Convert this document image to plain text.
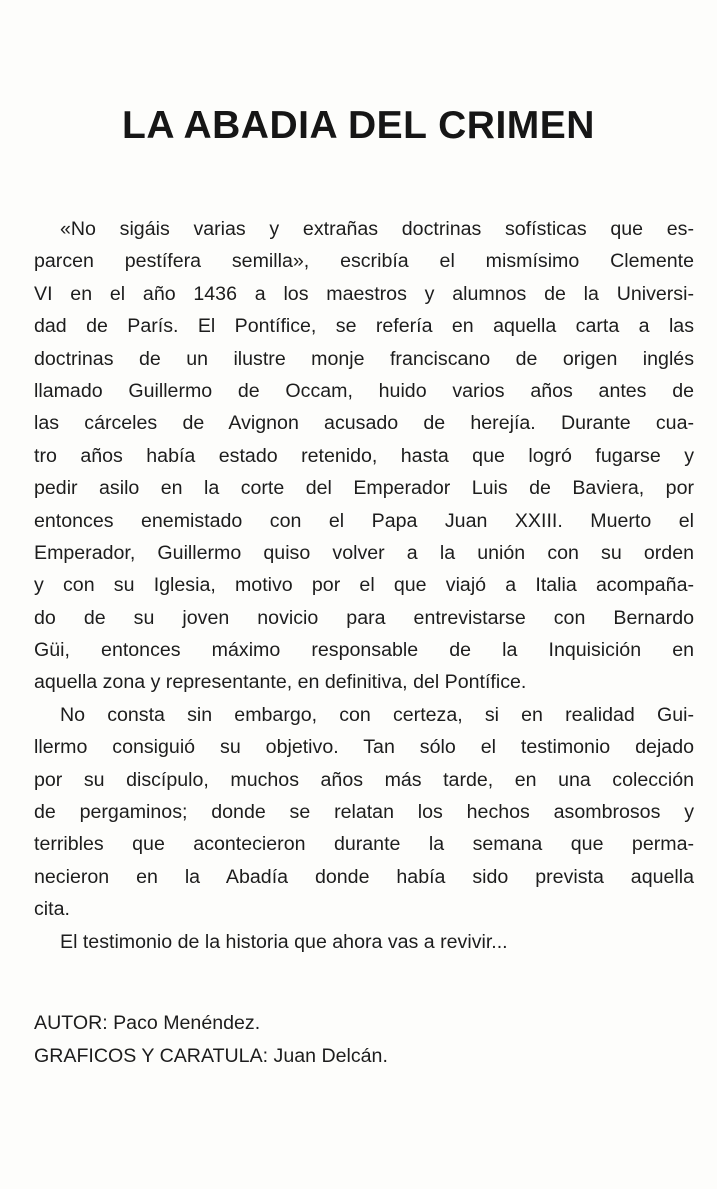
LA ABADIA DEL CRIMEN
«No sigáis varias y extrañas doctrinas sofísticas que es-
parcen pestífera semilla», escribía el mismísimo Clemente
VI en el año 1436 a los maestros y alumnos de la Universi-
dad de París. El Pontífice, se refería en aquella carta a las
doctrinas de un ilustre monje franciscano de origen inglés
llamado Guillermo de Occam, huido varios años antes de
las cárceles de Avignon acusado de herejía. Durante cua-
tro años había estado retenido, hasta que logró fugarse y
pedir asilo en la corte del Emperador Luis de Baviera, por
entonces enemistado con el Papa Juan XXIII. Muerto el
Emperador, Guillermo quiso volver a la unión con su orden
y con su Iglesia, motivo por el que viajó a Italia acompaña-
do de su joven novicio para entrevistarse con Bernardo
Güi, entonces máximo responsable de la Inquisición en
aquella zona y representante, en definitiva, del Pontífice.
No consta sin embargo, con certeza, si en realidad Gui-
llermo consiguió su objetivo. Tan sólo el testimonio dejado
por su discípulo, muchos años más tarde, en una colección
de pergaminos; donde se relatan los hechos asombrosos y
terribles que acontecieron durante la semana que perma-
necieron en la Abadía donde había sido prevista aquella
cita.
El testimonio de la historia que ahora vas a revivir...
AUTOR: Paco Menéndez.
GRAFICOS Y CARATULA: Juan Delcán.
